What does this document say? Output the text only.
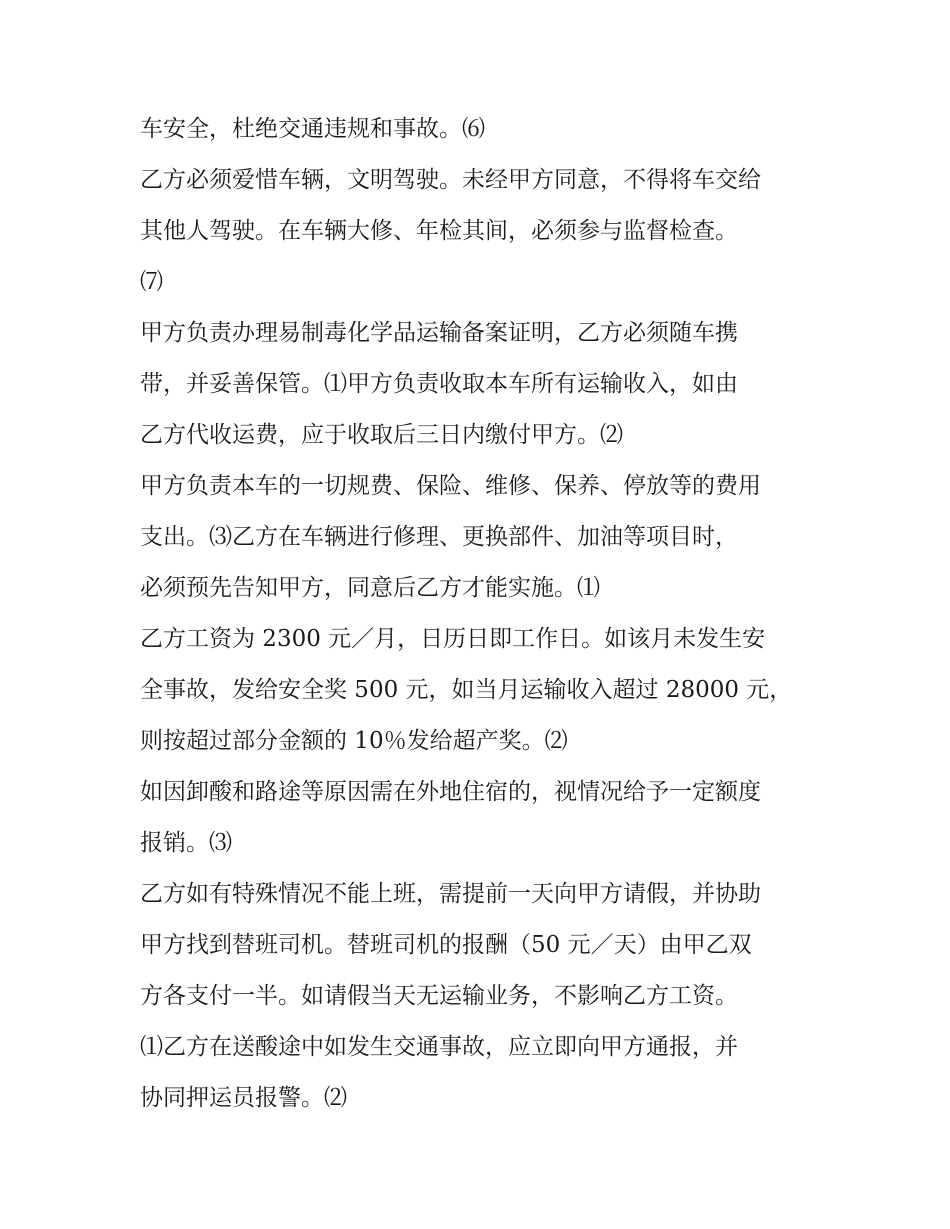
车安全，杜绝交通违规和事故。⑹
乙方必须爱惜车辆，文明驾驶。未经甲方同意，不得将车交给
其他人驾驶。在车辆大修、年检其间，必须参与监督检查。
⑺
甲方负责办理易制毒化学品运输备案证明，乙方必须随车携
带，并妥善保管。⑴甲方负责收取本车所有运输收入，如由
乙方代收运费，应于收取后三日内缴付甲方。⑵
甲方负责本车的一切规费、保险、维修、保养、停放等的费用
支出。⑶乙方在车辆进行修理、更换部件、加油等项目时，
必须预先告知甲方，同意后乙方才能实施。⑴
乙方工资为 2300 元／月，日历日即工作日。如该月未发生安
全事故，发给安全奖 500 元，如当月运输收入超过 28000 元，
则按超过部分金额的 10％发给超产奖。⑵
如因卸酸和路途等原因需在外地住宿的，视情况给予一定额度
报销。⑶
乙方如有特殊情况不能上班，需提前一天向甲方请假，并协助
甲方找到替班司机。替班司机的报酬（50 元／天）由甲乙双
方各支付一半。如请假当天无运输业务，不影响乙方工资。
⑴乙方在送酸途中如发生交通事故，应立即向甲方通报，并
协同押运员报警。⑵
